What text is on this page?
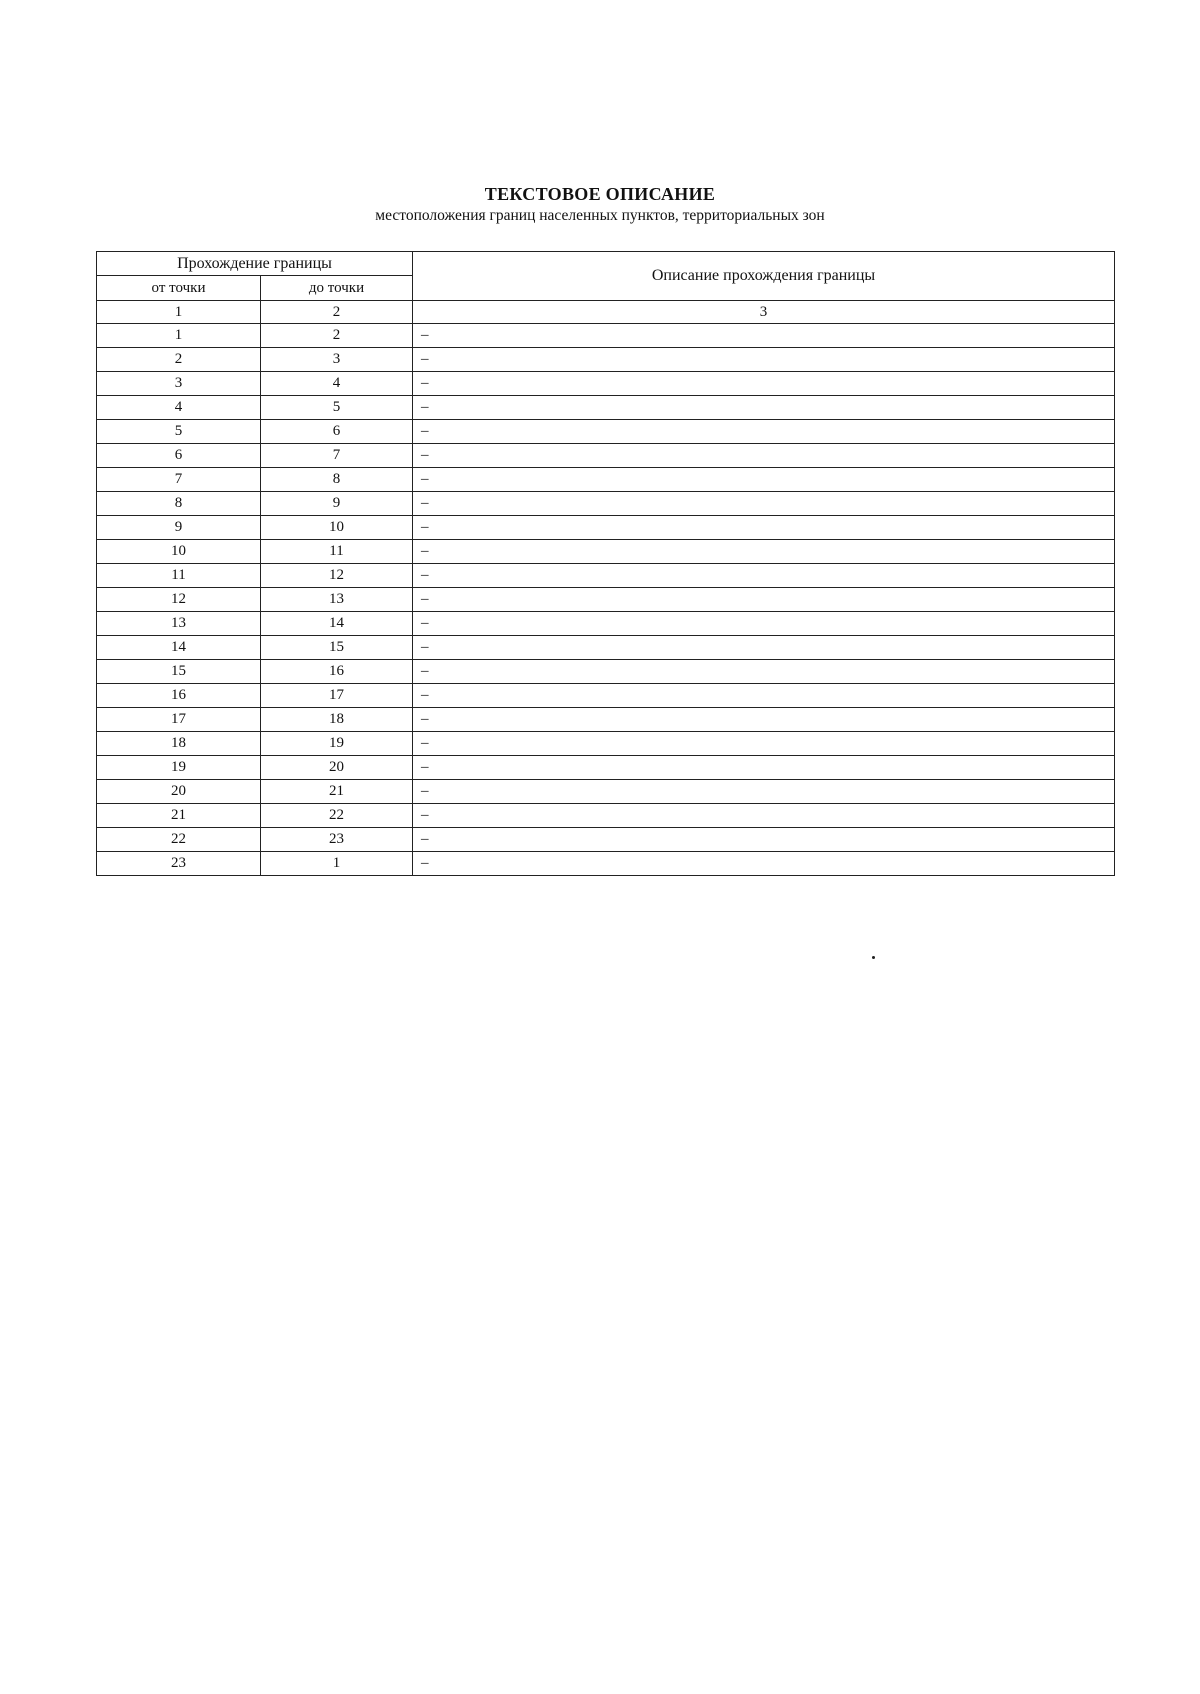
ТЕКСТОВОЕ ОПИСАНИЕ
местоположения границ населенных пунктов, территориальных зон
Прохождение границы		Описание прохождения границы
от точки	до точки	
1	2	3
1	2	–
2	3	–
3	4	–
4	5	–
5	6	–
6	7	–
7	8	–
8	9	–
9	10	–
10	11	–
11	12	–
12	13	–
13	14	–
14	15	–
15	16	–
16	17	–
17	18	–
18	19	–
19	20	–
20	21	–
21	22	–
22	23	–
23	1	–
